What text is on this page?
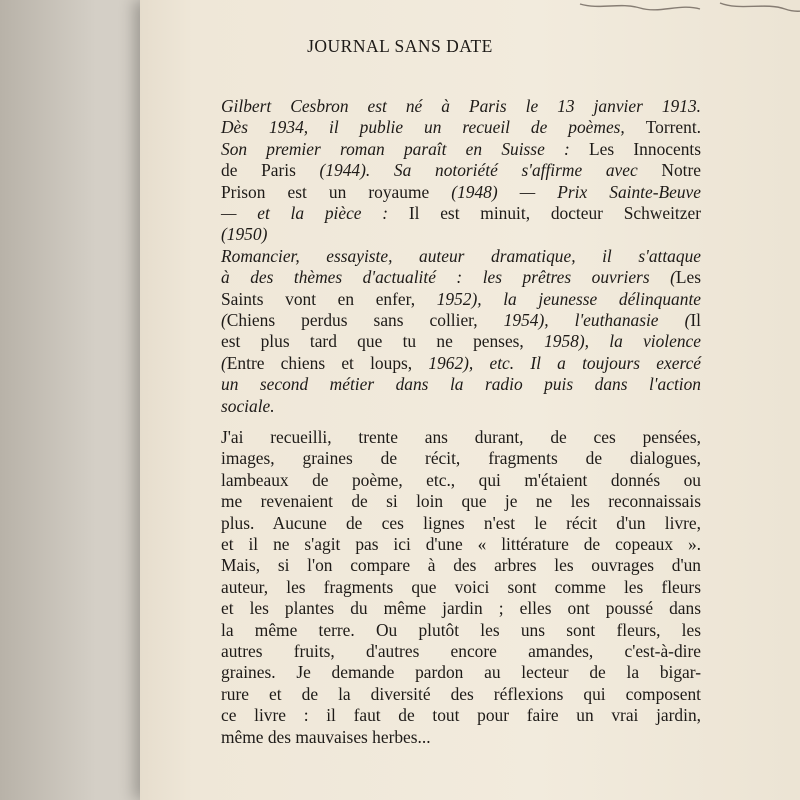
JOURNAL SANS DATE
Gilbert Cesbron est né à Paris le 13 janvier 1913.
Dès 1934, il publie un recueil de poèmes, Torrent.
Son premier roman paraît en Suisse : Les Innocents
de Paris (1944). Sa notoriété s'affirme avec Notre
Prison est un royaume (1948) — Prix Sainte-Beuve
— et la pièce : Il est minuit, docteur Schweitzer
(1950)
Romancier, essayiste, auteur dramatique, il s'attaque
à des thèmes d'actualité : les prêtres ouvriers (Les
Saints vont en enfer, 1952), la jeunesse délinquante
(Chiens perdus sans collier, 1954), l'euthanasie (Il
est plus tard que tu ne penses, 1958), la violence
(Entre chiens et loups, 1962), etc. Il a toujours exercé
un second métier dans la radio puis dans l'action
sociale.
J'ai recueilli, trente ans durant, de ces pensées,
images, graines de récit, fragments de dialogues,
lambeaux de poème, etc., qui m'étaient donnés ou
me revenaient de si loin que je ne les reconnaissais
plus. Aucune de ces lignes n'est le récit d'un livre,
et il ne s'agit pas ici d'une « littérature de copeaux ».
Mais, si l'on compare à des arbres les ouvrages d'un
auteur, les fragments que voici sont comme les fleurs
et les plantes du même jardin ; elles ont poussé dans
la même terre. Ou plutôt les uns sont fleurs, les
autres fruits, d'autres encore amandes, c'est-à-dire
graines. Je demande pardon au lecteur de la bigar-
rure et de la diversité des réflexions qui composent
ce livre : il faut de tout pour faire un vrai jardin,
même des mauvaises herbes...
